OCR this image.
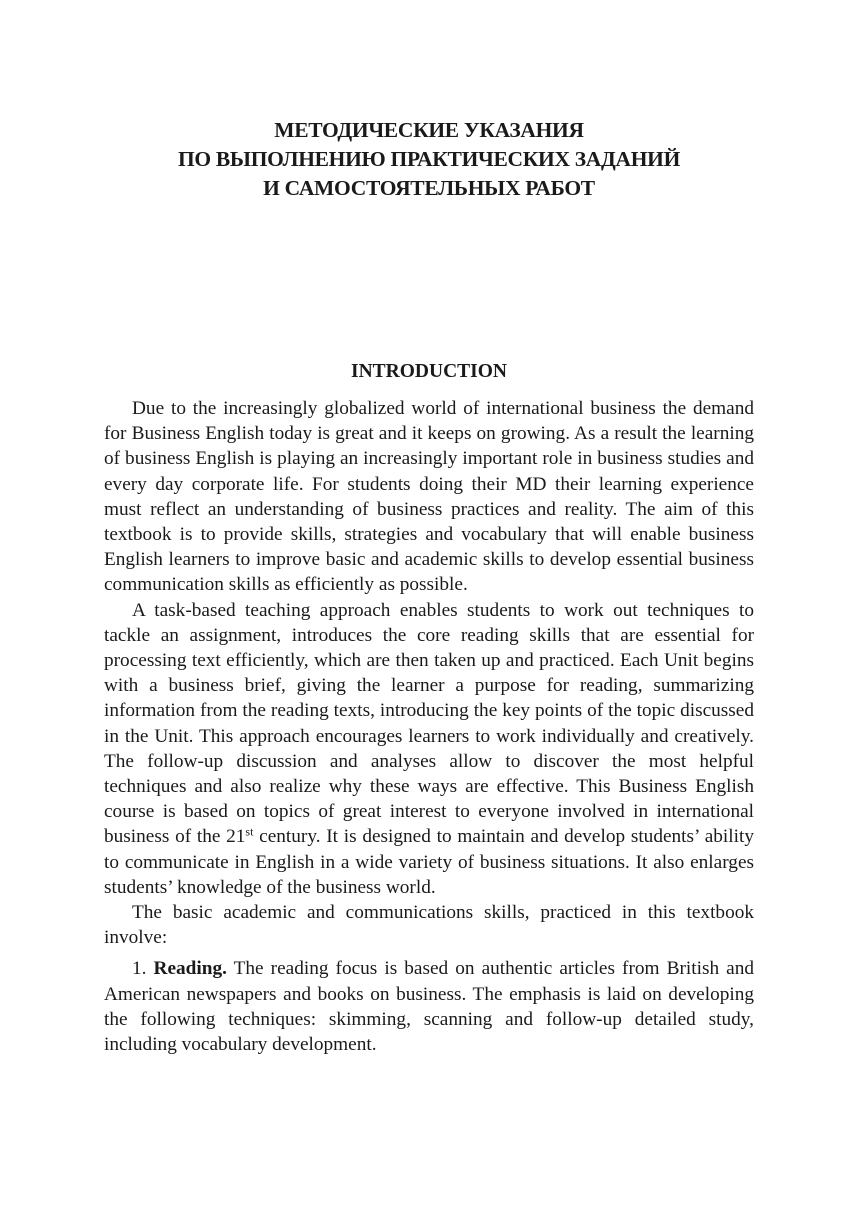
МЕТОДИЧЕСКИЕ УКАЗАНИЯ
ПО ВЫПОЛНЕНИЮ ПРАКТИЧЕСКИХ ЗАДАНИЙ
И САМОСТОЯТЕЛЬНЫХ РАБОТ
INTRODUCTION

Due to the increasingly globalized world of international business the demand for Business English today is great and it keeps on growing. As a result the learning of business English is playing an increasingly important role in business studies and every day corporate life. For students doing their MD their learning experience must reflect an understanding of business practices and reality. The aim of this textbook is to provide skills, strategies and vocabulary that will enable business English learners to improve basic and academic skills to develop essential business communication skills as efficiently as possible.

A task-based teaching approach enables students to work out techniques to tackle an assignment, introduces the core reading skills that are essential for processing text efficiently, which are then taken up and practiced. Each Unit begins with a business brief, giving the learner a purpose for reading, summarizing information from the reading texts, introducing the key points of the topic discussed in the Unit. This approach encourages learners to work individually and creatively. The follow-up discussion and analyses allow to discover the most helpful techniques and also realize why these ways are effective. This Business English course is based on topics of great interest to everyone involved in international business of the 21st century. It is designed to maintain and develop students’ ability to communicate in English in a wide variety of business situations. It also enlarges students’ knowledge of the business world.

The basic academic and communications skills, practiced in this textbook involve:

1. Reading. The reading focus is based on authentic articles from British and American newspapers and books on business. The emphasis is laid on developing the following techniques: skimming, scanning and follow-up detailed study, including vocabulary development.
